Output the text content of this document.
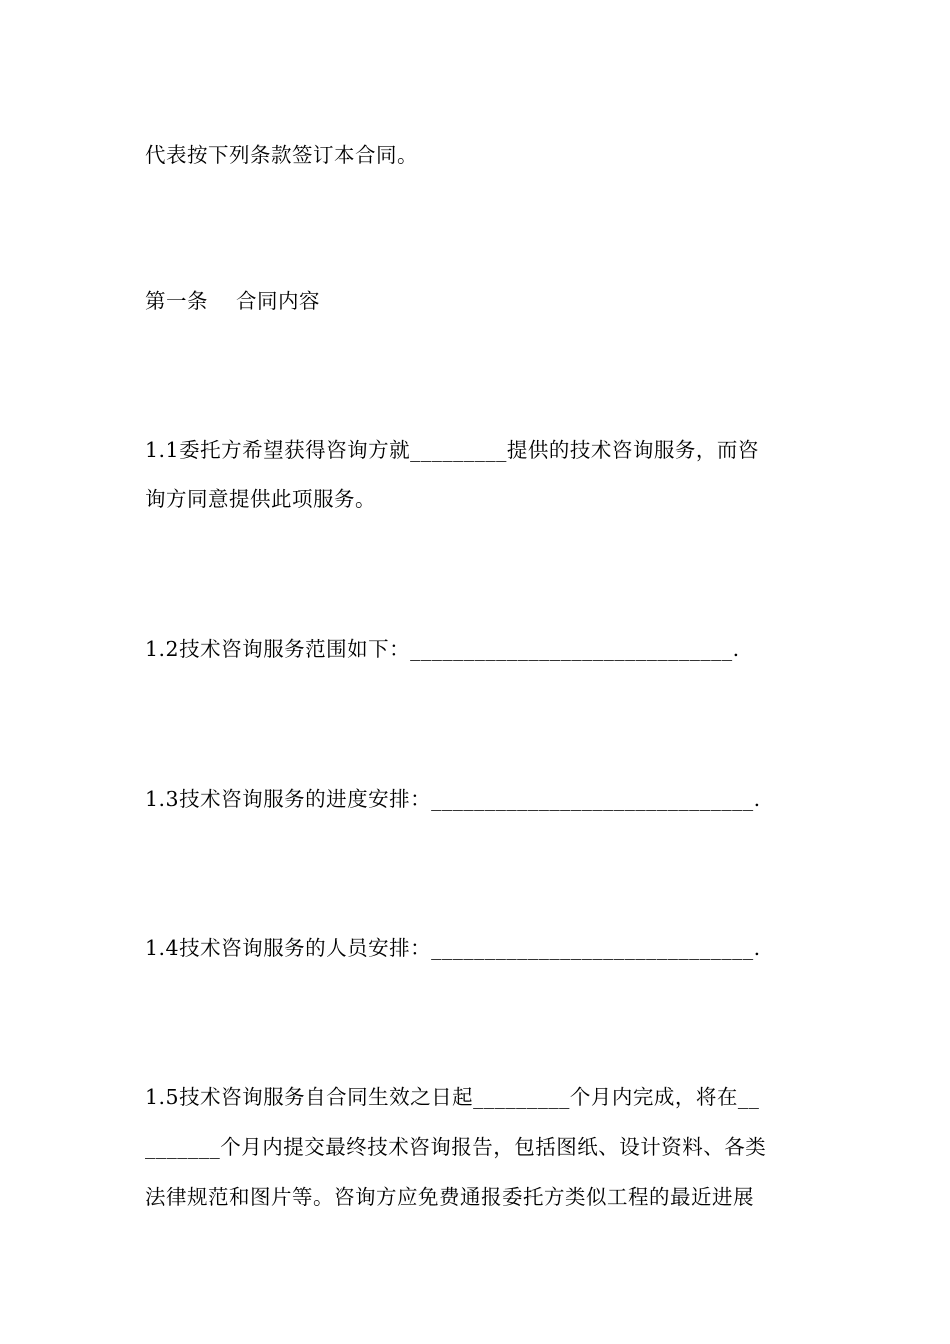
代表按下列条款签订本合同。
第一条　 合同内容
1.1委托方希望获得咨询方就_________提供的技术咨询服务，而咨
询方同意提供此项服务。
1.2技术咨询服务范围如下：______________________________.
1.3技术咨询服务的进度安排：______________________________.
1.4技术咨询服务的人员安排：______________________________.
1.5技术咨询服务自合同生效之日起_________个月内完成，将在__
_______个月内提交最终技术咨询报告，包括图纸、设计资料、各类
法律规范和图片等。咨询方应免费通报委托方类似工程的最近进展
